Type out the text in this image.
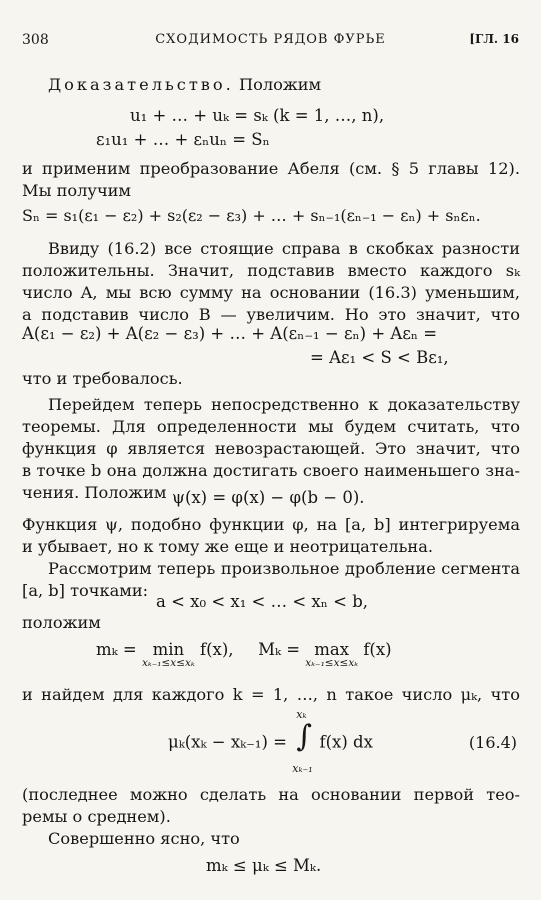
308	СХОДИМОСТЬ РЯДОВ ФУРЬЕ	[ГЛ. 16
Доказательство. Положим
u₁ + … + uₖ = sₖ (k = 1, …, n),
ε₁u₁ + … + εₙuₙ = Sₙ
и применим преобразование Абеля (см. § 5 главы 12).
Мы получим
Sₙ = s₁(ε₁ − ε₂) + s₂(ε₂ − ε₃) + … + sₙ₋₁(εₙ₋₁ − εₙ) + sₙεₙ.
Ввиду (16.2) все стоящие справа в скобках разности
положительны. Значит, подставив вместо каждого sₖ
число A, мы всю сумму на основании (16.3) уменьшим,
а подставив число B — увеличим. Но это значит, что
A(ε₁ − ε₂) + A(ε₂ − ε₃) + … + A(εₙ₋₁ − εₙ) + Aεₙ =
= Aε₁ < S < Bε₁,
что и требовалось.
Перейдем теперь непосредственно к доказательству
теоремы. Для определенности мы будем считать, что
функция φ является невозрастающей. Это значит, что
в точке b она должна достигать своего наименьшего зна-
чения. Положим ψ(x) = φ(x) − φ(b − 0).
Функция ψ, подобно функции φ, на [a, b] интегрируема
и убывает, но к тому же еще и неотрицательна.
Рассмотрим теперь произвольное дробление сегмента
[a, b] точками:
a < x₀ < x₁ < … < xₙ < b,
положим
mₖ = min
xₖ₋₁≤x≤xₖ
f(x), Mₖ = max
xₖ₋₁≤x≤xₖ
f(x)
и найдем для каждого k = 1, …, n такое число μₖ, что
μₖ(xₖ − xₖ₋₁) =
xₖ
∫
xₖ₋₁
f(x) dx	(16.4)
(последнее можно сделать на основании первой тео-
ремы о среднем).
Совершенно ясно, что
mₖ ≤ μₖ ≤ Mₖ.
